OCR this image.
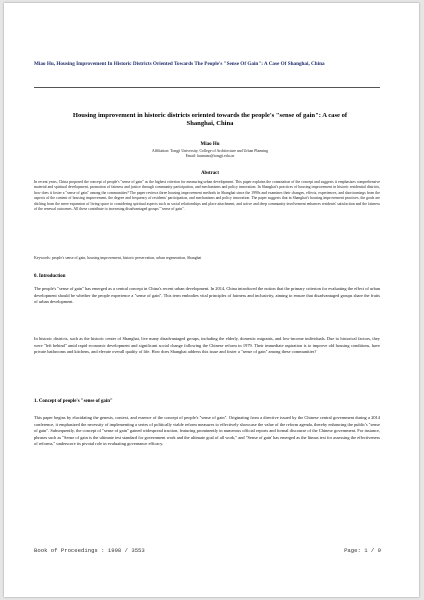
Miao Hu, Housing Improvement In Historic Districts Oriented Towards The People's "Sense Of Gain": A Case Of Shanghai, China
Housing improvement in historic districts oriented towards the people's "sense of gain": A case of Shanghai, China
Miao Hu
Affiliation: Tongji University, College of Architecture and Urban Planning
Email: huamiao@tongji.edu.cn
Abstract
In recent years, China proposed the concept of people's "sense of gain" as the highest criterion for measuring urban development. This paper explains the connotation of the concept and suggests it emphasizes comprehensive material and spiritual development, promotion of fairness and justice through community participation, and mechanisms and policy innovation. In Shanghai's practices of housing improvement in historic residential districts, how does it foster a "sense of gain" among the communities? The paper reviews three housing improvement methods in Shanghai since the 1990s and examines their changes, effects, experiences, and shortcomings from the aspects of the content of housing improvement, the degree and frequency of residents' participation, and mechanisms and policy innovation. The paper suggests that in Shanghai's housing improvement practices, the goals are shifting from the mere expansion of living space to considering spiritual aspects such as social relationships and place attachment, and active and deep community involvement enhances residents' satisfaction and the fairness of the renewal outcomes. All these contribute to increasing disadvantaged groups' "sense of gain".
Keywords: people's sense of gain, housing improvement, historic preservation, urban regeneration, Shanghai
0. Introduction
The people's "sense of gain" has emerged as a central concept in China's recent urban development. In 2014, China introduced the notion that the primary criterion for evaluating the effect of urban development should be whether the people experience a "sense of gain". This term embodies vital principles of fairness and inclusivity, aiming to ensure that disadvantaged groups share the fruits of urban development.
In historic districts, such as the historic center of Shanghai, live many disadvantaged groups, including the elderly, domestic migrants, and low-income individuals. Due to historical factors, they were "left behind" amid rapid economic development and significant social change following the Chinese reform in 1979. Their immediate aspiration is to improve old housing conditions, have private bathrooms and kitchens, and elevate overall quality of life. How does Shanghai address this issue and foster a "sense of gain" among these communities?
1. Concept of people's "sense of gain"
This paper begins by elucidating the genesis, context, and essence of the concept of people's "sense of gain". Originating from a directive issued by the Chinese central government during a 2014 conference, it emphasized the necessity of implementing a series of politically viable reform measures to effectively showcase the value of the reform agenda, thereby enhancing the public's "sense of gain". Subsequently, the concept of "sense of gain" gained widespread traction, featuring prominently in numerous official reports and formal discourse of the Chinese government. For instance, phrases such as "Sense of gain is the ultimate test standard for government work and the ultimate goal of all work," and "Sense of gain' has emerged as the litmus test for assessing the effectiveness of reforms," underscore its pivotal role in evaluating governance efficacy.
Book of Proceedings : 1998 / 3553	Page: 1 / 9
